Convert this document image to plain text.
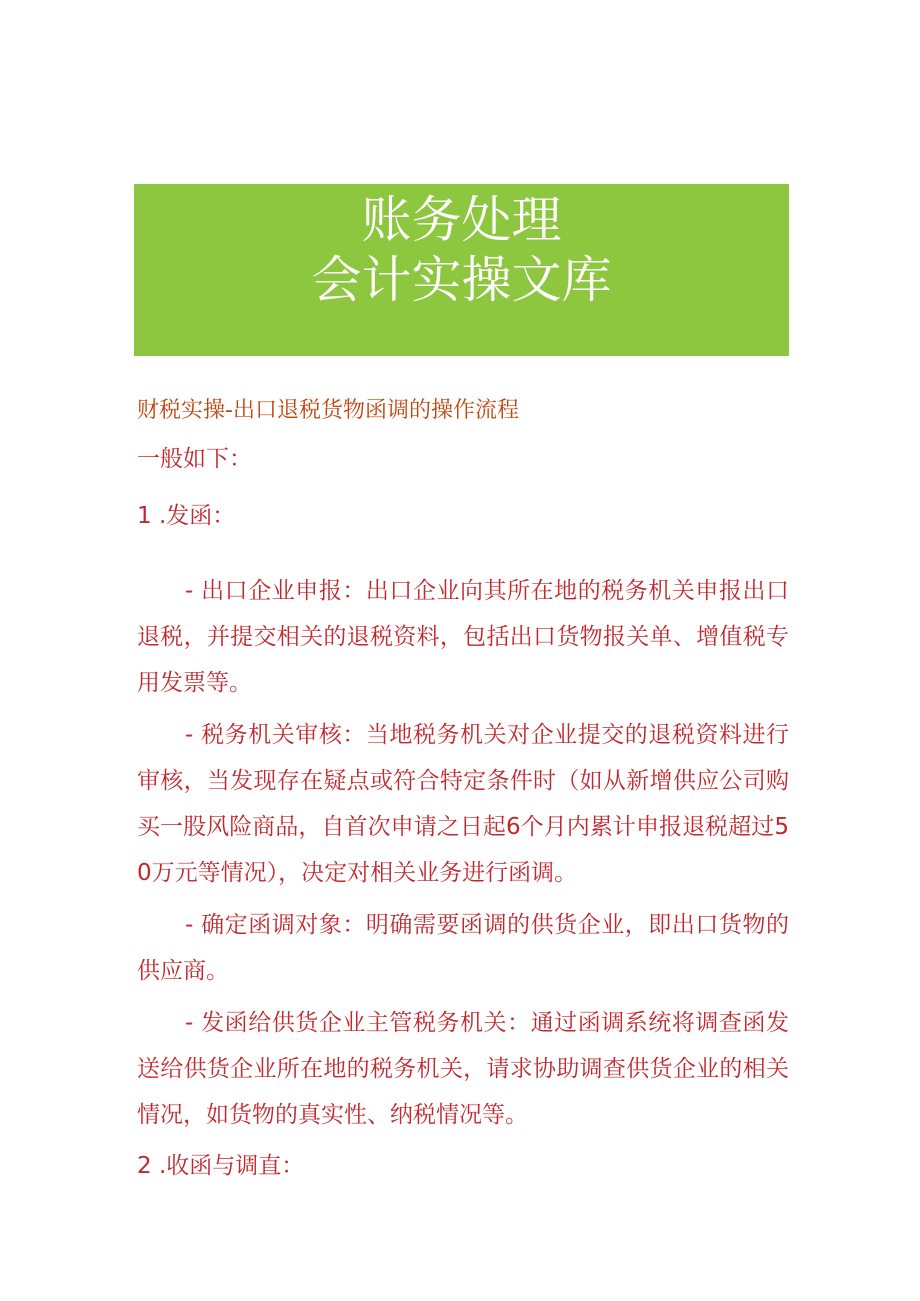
账务处理
会计实操文库
财税实操-出口退税货物函调的操作流程
一般如下：
1 .发函：

- 出口企业申报：出口企业向其所在地的税务机关申报出口退税，并提交相关的退税资料，包括出口货物报关单、增值税专用发票等。

- 税务机关审核：当地税务机关对企业提交的退税资料进行审核，当发现存在疑点或符合特定条件时（如从新增供应公司购买一股风险商品，自首次申请之日起6个月内累计申报退税超过50万元等情况），决定对相关业务进行函调。

- 确定函调对象：明确需要函调的供货企业，即出口货物的供应商。

- 发函给供货企业主管税务机关：通过函调系统将调查函发送给供货企业所在地的税务机关，请求协助调查供货企业的相关情况，如货物的真实性、纳税情况等。

2 .收函与调直：
